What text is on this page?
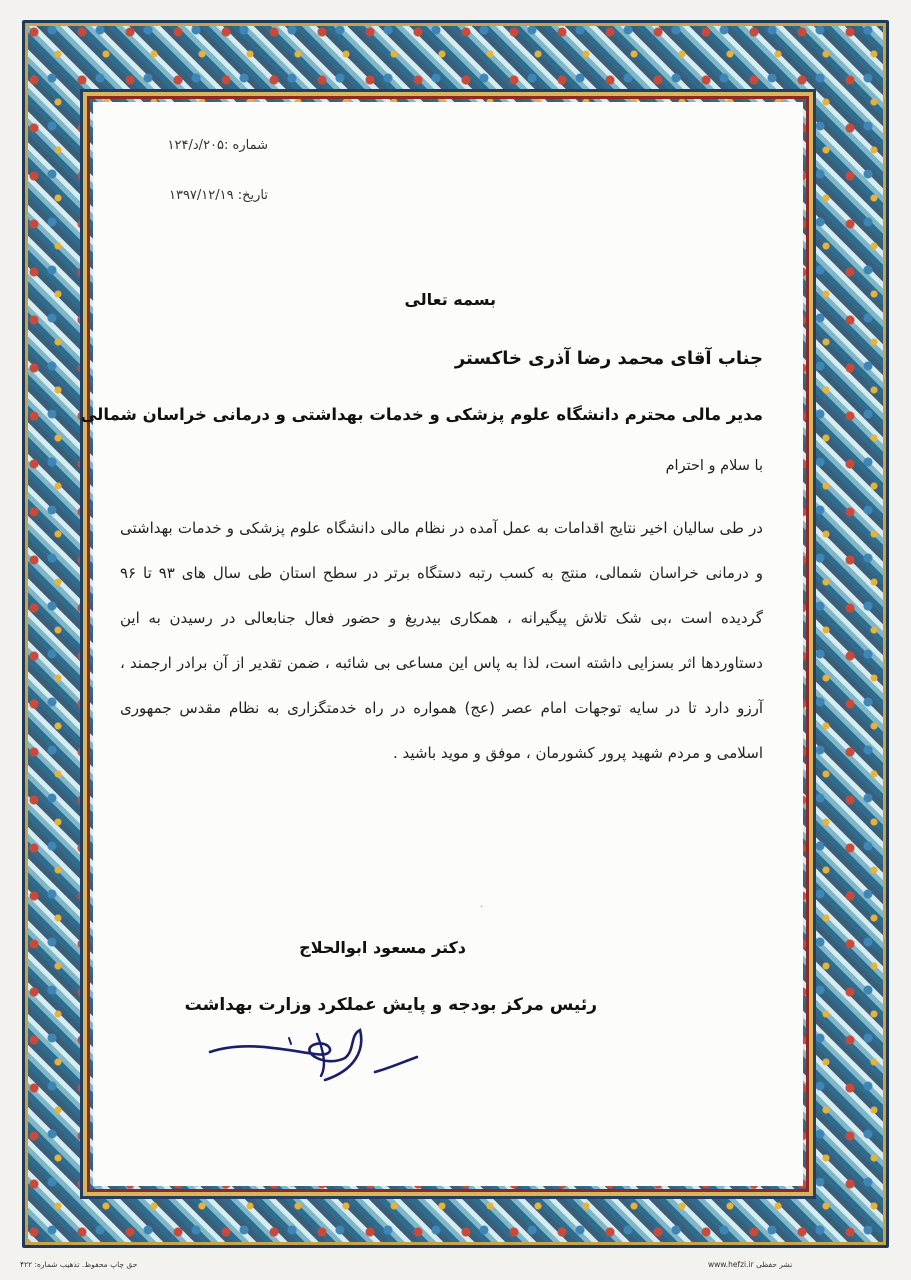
شماره :۲۰۵/د/۱۲۴
تاریخ: ۱۳۹۷/۱۲/۱۹
بسمه تعالی
جناب آقای محمد رضا آذری خاکستر
مدیر مالی محترم دانشگاه علوم پزشکی و خدمات بهداشتی و درمانی خراسان شمالی
با سلام و احترام
در طی سالیان اخیر نتایج اقدامات به عمل آمده در نظام مالی دانشگاه علوم پزشکی و خدمات بهداشتی و درمانی خراسان شمالی، منتج به کسب رتبه دستگاه برتر در سطح استان طی سال های ۹۳ تا ۹۶ گردیده است ،بی شک تلاش پیگیرانه ، همکاری بیدریغ و حضور فعال جنابعالی در رسیدن به این دستاوردها اثر بسزایی داشته است، لذا به پاس این مساعی بی شائبه ، ضمن تقدیر از آن برادر ارجمند ، آرزو دارد تا در سایه توجهات امام عصر (عج) همواره در راه خدمتگزاری به نظام مقدس جمهوری اسلامی و مردم شهید پرور کشورمان ، موفق و موید باشید .
دکتر مسعود ابوالحلاج
رئیس مرکز بودجه و پایش عملکرد وزارت بهداشت
·
حق چاپ محفوظ. تذهیب شماره: ۴۲۲	www.hefzi.ir نشر حفظی
